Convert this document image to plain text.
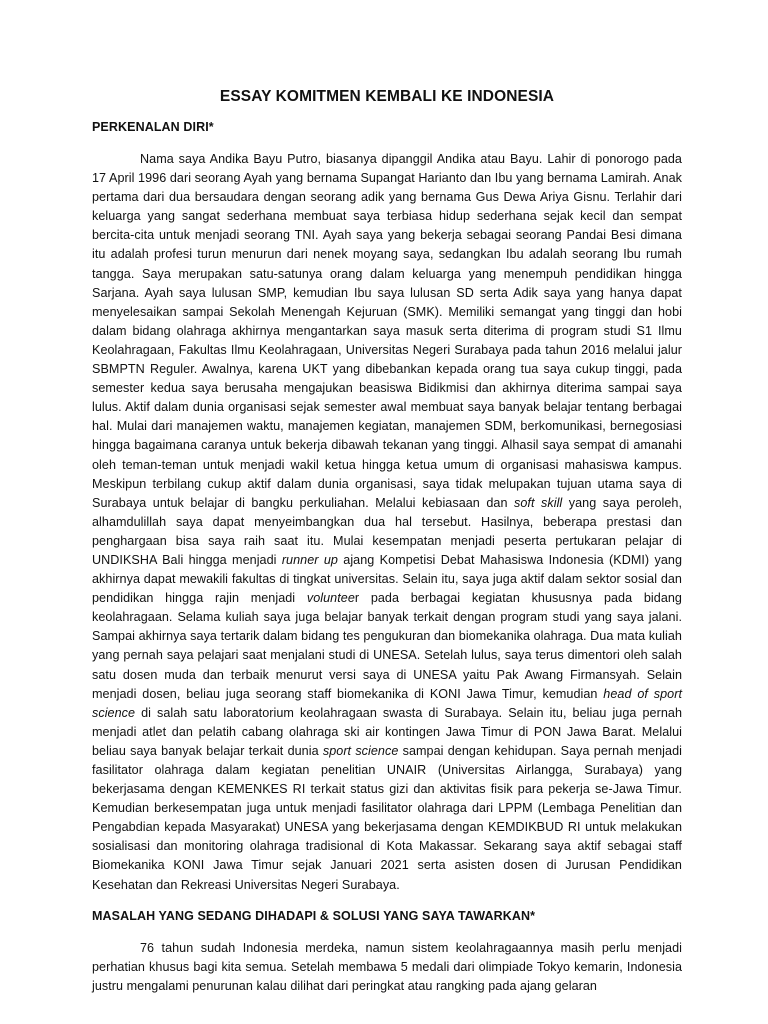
ESSAY KOMITMEN KEMBALI KE INDONESIA
PERKENALAN DIRI*

Nama saya Andika Bayu Putro, biasanya dipanggil Andika atau Bayu. Lahir di ponorogo pada 17 April 1996 dari seorang Ayah yang bernama Supangat Harianto dan Ibu yang bernama Lamirah. Anak pertama dari dua bersaudara dengan seorang adik yang bernama Gus Dewa Ariya Gisnu. Terlahir dari keluarga yang sangat sederhana membuat saya terbiasa hidup sederhana sejak kecil dan sempat bercita-cita untuk menjadi seorang TNI. Ayah saya yang bekerja sebagai seorang Pandai Besi dimana itu adalah profesi turun menurun dari nenek moyang saya, sedangkan Ibu adalah seorang Ibu rumah tangga. Saya merupakan satu-satunya orang dalam keluarga yang menempuh pendidikan hingga Sarjana. Ayah saya lulusan SMP, kemudian Ibu saya lulusan SD serta Adik saya yang hanya dapat menyelesaikan sampai Sekolah Menengah Kejuruan (SMK). Memiliki semangat yang tinggi dan hobi dalam bidang olahraga akhirnya mengantarkan saya masuk serta diterima di program studi S1 Ilmu Keolahragaan, Fakultas Ilmu Keolahragaan, Universitas Negeri Surabaya pada tahun 2016 melalui jalur SBMPTN Reguler. Awalnya, karena UKT yang dibebankan kepada orang tua saya cukup tinggi, pada semester kedua saya berusaha mengajukan beasiswa Bidikmisi dan akhirnya diterima sampai saya lulus. Aktif dalam dunia organisasi sejak semester awal membuat saya banyak belajar tentang berbagai hal. Mulai dari manajemen waktu, manajemen kegiatan, manajemen SDM, berkomunikasi, bernegosiasi hingga bagaimana caranya untuk bekerja dibawah tekanan yang tinggi. Alhasil saya sempat di amanahi oleh teman-teman untuk menjadi wakil ketua hingga ketua umum di organisasi mahasiswa kampus. Meskipun terbilang cukup aktif dalam dunia organisasi, saya tidak melupakan tujuan utama saya di Surabaya untuk belajar di bangku perkuliahan. Melalui kebiasaan dan soft skill yang saya peroleh, alhamdulillah saya dapat menyeimbangkan dua hal tersebut. Hasilnya, beberapa prestasi dan penghargaan bisa saya raih saat itu. Mulai kesempatan menjadi peserta pertukaran pelajar di UNDIKSHA Bali hingga menjadi runner up ajang Kompetisi Debat Mahasiswa Indonesia (KDMI) yang akhirnya dapat mewakili fakultas di tingkat universitas. Selain itu, saya juga aktif dalam sektor sosial dan pendidikan hingga rajin menjadi volunteer pada berbagai kegiatan khususnya pada bidang keolahragaan. Selama kuliah saya juga belajar banyak terkait dengan program studi yang saya jalani. Sampai akhirnya saya tertarik dalam bidang tes pengukuran dan biomekanika olahraga. Dua mata kuliah yang pernah saya pelajari saat menjalani studi di UNESA. Setelah lulus, saya terus dimentori oleh salah satu dosen muda dan terbaik menurut versi saya di UNESA yaitu Pak Awang Firmansyah. Selain menjadi dosen, beliau juga seorang staff biomekanika di KONI Jawa Timur, kemudian head of sport science di salah satu laboratorium keolahragaan swasta di Surabaya. Selain itu, beliau juga pernah menjadi atlet dan pelatih cabang olahraga ski air kontingen Jawa Timur di PON Jawa Barat. Melalui beliau saya banyak belajar terkait dunia sport science sampai dengan kehidupan. Saya pernah menjadi fasilitator olahraga dalam kegiatan penelitian UNAIR (Universitas Airlangga, Surabaya) yang bekerjasama dengan KEMENKES RI terkait status gizi dan aktivitas fisik para pekerja se-Jawa Timur. Kemudian berkesempatan juga untuk menjadi fasilitator olahraga dari LPPM (Lembaga Penelitian dan Pengabdian kepada Masyarakat) UNESA yang bekerjasama dengan KEMDIKBUD RI untuk melakukan sosialisasi dan monitoring olahraga tradisional di Kota Makassar. Sekarang saya aktif sebagai staff Biomekanika KONI Jawa Timur sejak Januari 2021 serta asisten dosen di Jurusan Pendidikan Kesehatan dan Rekreasi Universitas Negeri Surabaya.

MASALAH YANG SEDANG DIHADAPI & SOLUSI YANG SAYA TAWARKAN*

76 tahun sudah Indonesia merdeka, namun sistem keolahragaannya masih perlu menjadi perhatian khusus bagi kita semua. Setelah membawa 5 medali dari olimpiade Tokyo kemarin, Indonesia justru mengalami penurunan kalau dilihat dari peringkat atau rangking pada ajang gelaran
